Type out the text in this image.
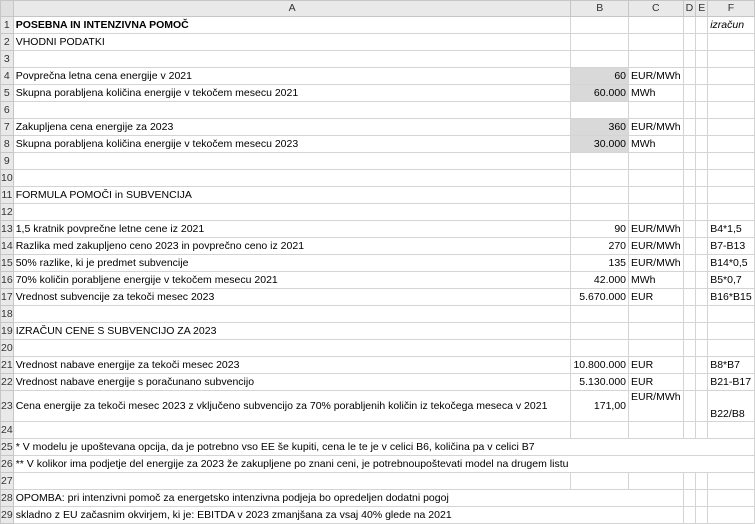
	A	B	C	D	E	F
1	POSEBNA IN INTENZIVNA POMOČ					izračun
2	VHODNI PODATKI					
3						
4	Povprečna letna cena energije v 2021	60	EUR/MWh			
5	Skupna porabljena količina energije v tekočem mesecu 2021	60.000	MWh			
6						
7	Zakupljena cena energije za 2023	360	EUR/MWh			
8	Skupna porabljena količina energije v tekočem mesecu 2023	30.000	MWh			
9						
10						
11	FORMULA POMOČI in SUBVENCIJA					
12						
13	1,5 kratnik povprečne letne cene iz 2021	90	EUR/MWh			B4*1,5
14	Razlika med zakupljeno ceno 2023 in povprečno ceno iz 2021	270	EUR/MWh			B7-B13
15	50% razlike, ki je predmet subvencije	135	EUR/MWh			B14*0,5
16	70% količin porabljene energije v tekočem mesecu 2021	42.000	MWh			B5*0,7
17	Vrednost subvencije za tekoči mesec 2023	5.670.000	EUR			B16*B15
18						
19	IZRAČUN CENE S SUBVENCIJO ZA 2023					
20						
21	Vrednost nabave energije za tekoči mesec 2023	10.800.000	EUR			B8*B7
22	Vrednost nabave energije s poračunano subvencijo	5.130.000	EUR			B21-B17
23	Cena energije za tekoči mesec 2023 z vključeno subvencijo za 70% porabljenih količin iz tekočega meseca v 2021	171,00	EUR/MWh			B22/B8
24						
25	* V modelu je upoštevana opcija, da je potrebno vso EE še kupiti, cena le te je v celici B6, količina pa v celici B7					
26	** V kolikor ima podjetje del energije za 2023 že zakupljene po znani ceni, je potrebnoupoštevati model na drugem listu					
27						
28	OPOMBA: pri intenzivni pomoč za energetsko intenzivna podjeja bo opredeljen dodatni pogoj					
29	skladno z EU začasnim okvirjem, ki je: EBITDA v 2023 zmanjšana za vsaj 40% glede na 2021					
